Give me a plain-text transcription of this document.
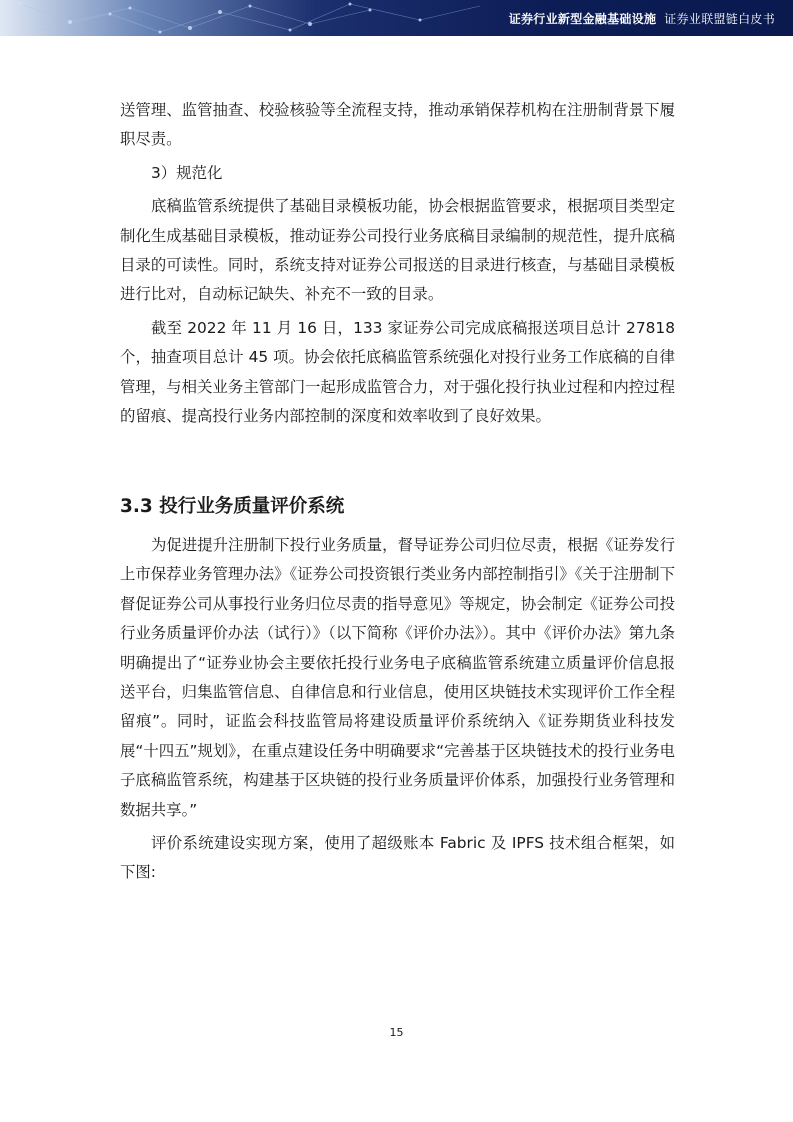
证券行业新型金融基础设施 证券业联盟链白皮书

送管理、监管抽查、校验核验等全流程支持，推动承销保荐机构在注册制背景下履职尽责。

3）规范化

底稿监管系统提供了基础目录模板功能，协会根据监管要求，根据项目类型定制化生成基础目录模板，推动证券公司投行业务底稿目录编制的规范性，提升底稿目录的可读性。同时，系统支持对证券公司报送的目录进行核查，与基础目录模板进行比对，自动标记缺失、补充不一致的目录。

截至 2022 年 11 月 16 日，133 家证券公司完成底稿报送项目总计 27818 个，抽查项目总计 45 项。协会依托底稿监管系统强化对投行业务工作底稿的自律管理，与相关业务主管部门一起形成监管合力，对于强化投行执业过程和内控过程的留痕、提高投行业务内部控制的深度和效率收到了良好效果。

3.3 投行业务质量评价系统

为促进提升注册制下投行业务质量，督导证券公司归位尽责，根据《证券发行上市保荐业务管理办法》《证券公司投资银行类业务内部控制指引》《关于注册制下督促证券公司从事投行业务归位尽责的指导意见》等规定，协会制定《证券公司投行业务质量评价办法（试行）》（以下简称《评价办法》）。其中《评价办法》第九条明确提出了“证券业协会主要依托投行业务电子底稿监管系统建立质量评价信息报送平台，归集监管信息、自律信息和行业信息，使用区块链技术实现评价工作全程留痕”。同时，证监会科技监管局将建设质量评价系统纳入《证券期货业科技发展“十四五”规划》，在重点建设任务中明确要求“完善基于区块链技术的投行业务电子底稿监管系统，构建基于区块链的投行业务质量评价体系，加强投行业务管理和数据共享。”

评价系统建设实现方案，使用了超级账本 Fabric 及 IPFS 技术组合框架，如下图:

15
